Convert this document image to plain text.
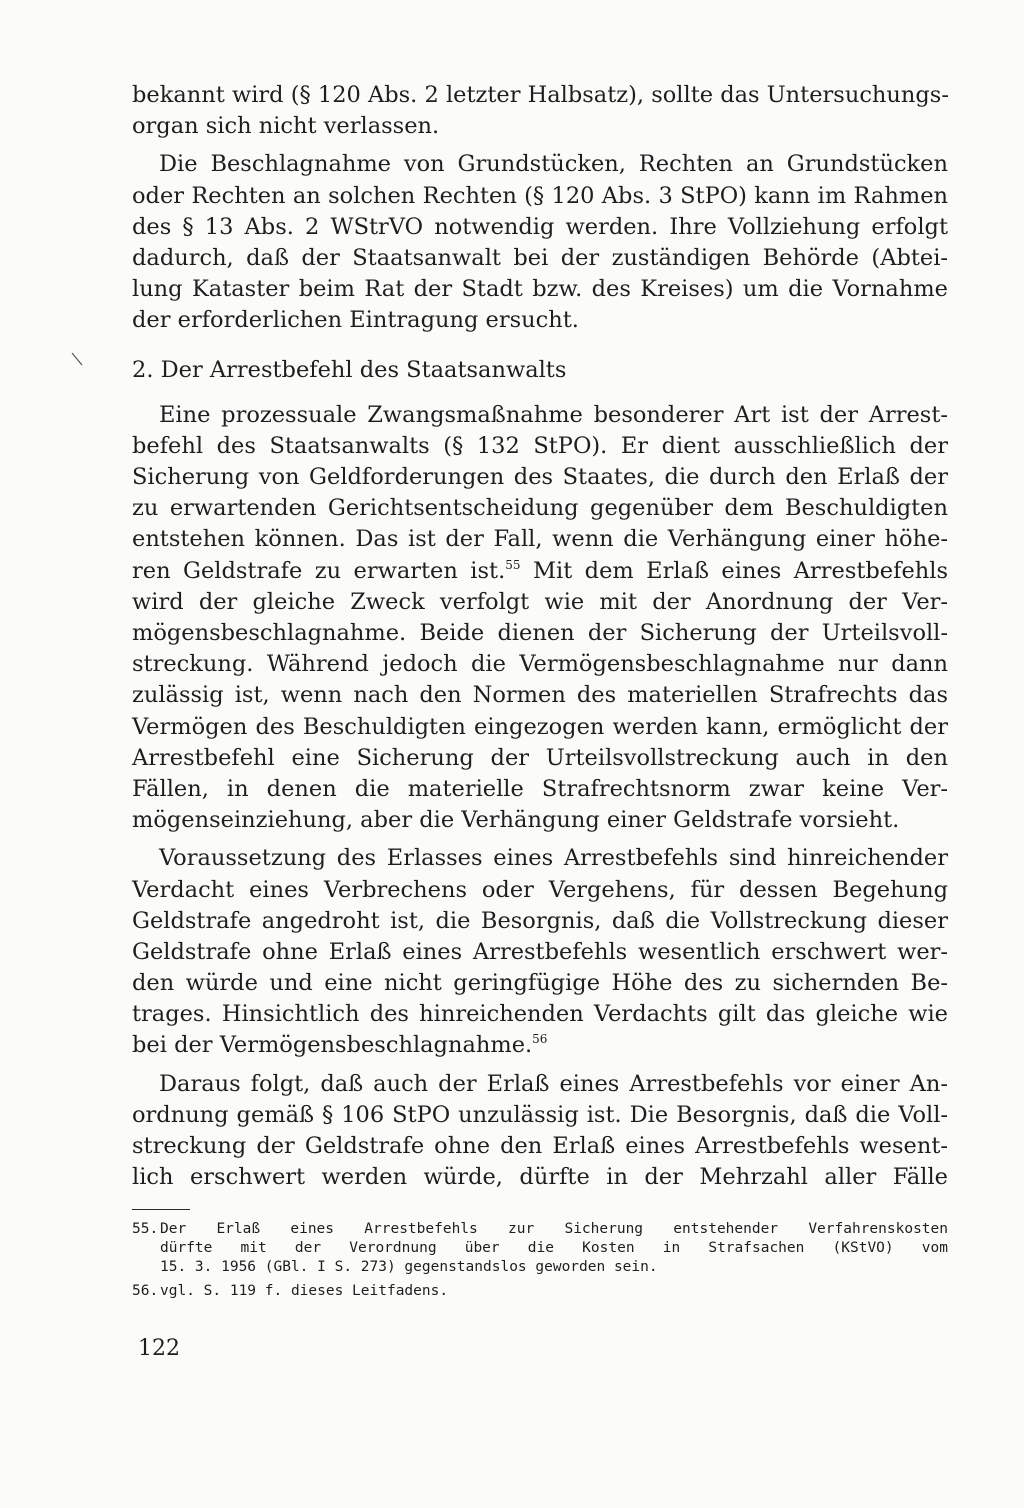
bekannt wird (§ 120 Abs. 2 letzter Halbsatz), sollte das Untersuchungs-
organ sich nicht verlassen.
Die Beschlagnahme von Grundstücken, Rechten an Grundstücken
oder Rechten an solchen Rechten (§ 120 Abs. 3 StPO) kann im Rahmen
des § 13 Abs. 2 WStrVO notwendig werden. Ihre Vollziehung erfolgt
dadurch, daß der Staatsanwalt bei der zuständigen Behörde (Abtei-
lung Kataster beim Rat der Stadt bzw. des Kreises) um die Vornahme
der erforderlichen Eintragung ersucht.
2. Der Arrestbefehl des Staatsanwalts
Eine prozessuale Zwangsmaßnahme besonderer Art ist der Arrest-
befehl des Staatsanwalts (§ 132 StPO). Er dient ausschließlich der
Sicherung von Geldforderungen des Staates, die durch den Erlaß der
zu erwartenden Gerichtsentscheidung gegenüber dem Beschuldigten
entstehen können. Das ist der Fall, wenn die Verhängung einer höhe-
ren Geldstrafe zu erwarten ist.$^{55}$ Mit dem Erlaß eines Arrestbefehls
wird der gleiche Zweck verfolgt wie mit der Anordnung der Ver-
mögensbeschlagnahme. Beide dienen der Sicherung der Urteilsvoll-
streckung. Während jedoch die Vermögensbeschlagnahme nur dann
zulässig ist, wenn nach den Normen des materiellen Strafrechts das
Vermögen des Beschuldigten eingezogen werden kann, ermöglicht der
Arrestbefehl eine Sicherung der Urteilsvollstreckung auch in den
Fällen, in denen die materielle Strafrechtsnorm zwar keine Ver-
mögenseinziehung, aber die Verhängung einer Geldstrafe vorsieht.
Voraussetzung des Erlasses eines Arrestbefehls sind hinreichender
Verdacht eines Verbrechens oder Vergehens, für dessen Begehung
Geldstrafe angedroht ist, die Besorgnis, daß die Vollstreckung dieser
Geldstrafe ohne Erlaß eines Arrestbefehls wesentlich erschwert wer-
den würde und eine nicht geringfügige Höhe des zu sichernden Be-
trages. Hinsichtlich des hinreichenden Verdachts gilt das gleiche wie
bei der Vermögensbeschlagnahme.$^{56}$
Daraus folgt, daß auch der Erlaß eines Arrestbefehls vor einer An-
ordnung gemäß § 106 StPO unzulässig ist. Die Besorgnis, daß die Voll-
streckung der Geldstrafe ohne den Erlaß eines Arrestbefehls wesent-
lich erschwert werden würde, dürfte in der Mehrzahl aller Fälle
55. Der Erlaß eines Arrestbefehls zur Sicherung entstehender Verfahrenskosten
dürfte mit der Verordnung über die Kosten in Strafsachen (KStVO) vom
15. 3. 1956 (GBl. I S. 273) gegenstandslos geworden sein.
56. vgl. S. 119 f. dieses Leitfadens.
122
